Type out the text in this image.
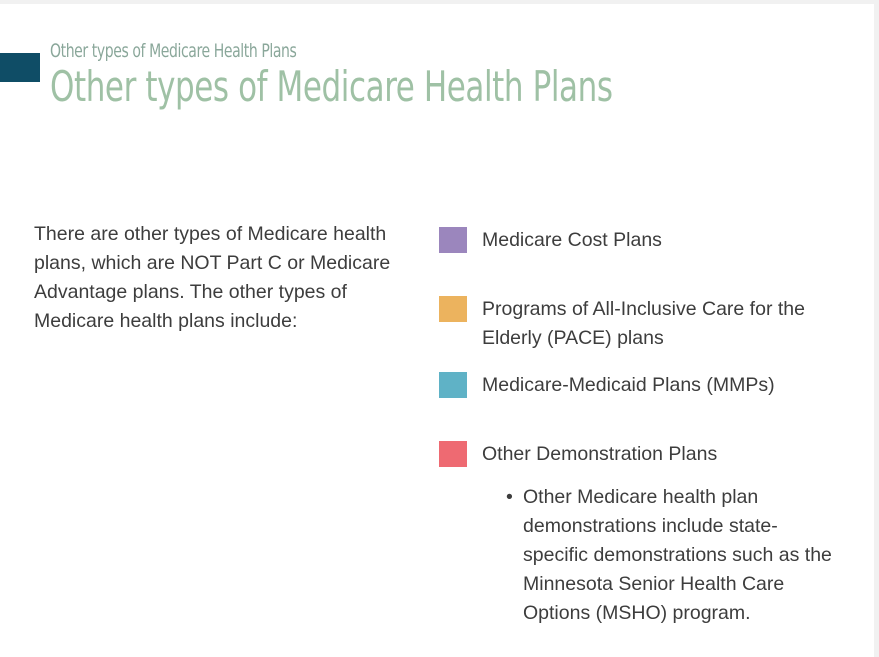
Other types of Medicare Health Plans
Other types of Medicare Health Plans
There are other types of Medicare health plans, which are NOT Part C or Medicare Advantage plans. The other types of Medicare health plans include:
Medicare Cost Plans
Programs of All-Inclusive Care for the Elderly (PACE) plans
Medicare-Medicaid Plans (MMPs)
Other Demonstration Plans
• Other Medicare health plan demonstrations include state-specific demonstrations such as the Minnesota Senior Health Care Options (MSHO) program.
